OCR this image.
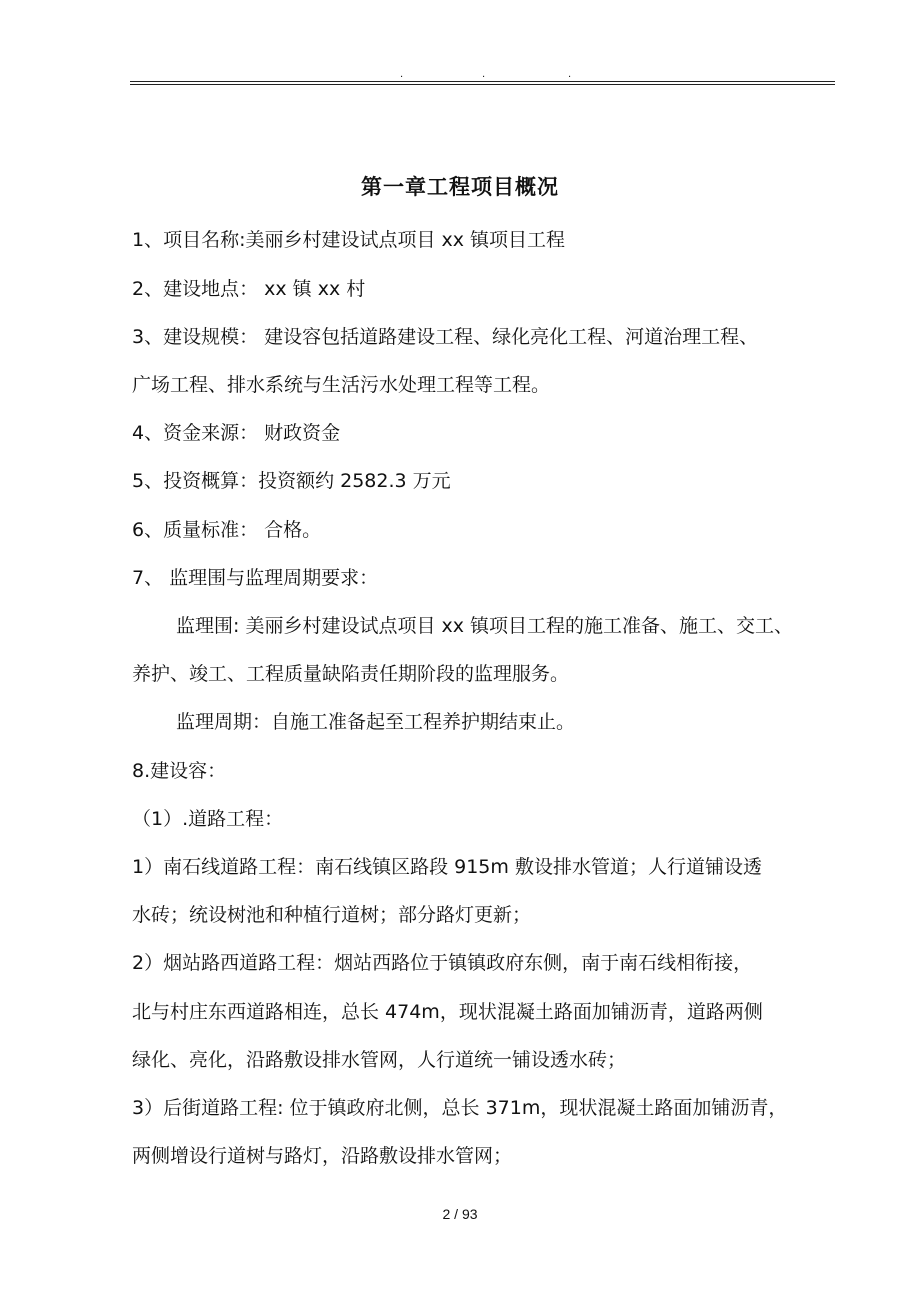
.	.	.
第一章工程项目概况
1、项目名称:美丽乡村建设试点项目 xx 镇项目工程
2、建设地点： xx 镇 xx 村
3、建设规模： 建设容包括道路建设工程、绿化亮化工程、河道治理工程、
广场工程、排水系统与生活污水处理工程等工程。
4、资金来源： 财政资金
5、投资概算：投资额约 2582.3 万元
6、质量标准： 合格。
7、 监理围与监理周期要求：
监理围: 美丽乡村建设试点项目 xx 镇项目工程的施工准备、施工、交工、
养护、竣工、工程质量缺陷责任期阶段的监理服务。
监理周期：自施工准备起至工程养护期结束止。
8.建设容：
（1）.道路工程：
1）南石线道路工程：南石线镇区路段 915m 敷设排水管道；人行道铺设透
水砖；统设树池和种植行道树；部分路灯更新；
2）烟站路西道路工程：烟站西路位于镇镇政府东侧，南于南石线相衔接，
北与村庄东西道路相连，总长 474m，现状混凝土路面加铺沥青，道路两侧
绿化、亮化，沿路敷设排水管网，人行道统一铺设透水砖；
3）后街道路工程: 位于镇政府北侧，总长 371m，现状混凝土路面加铺沥青，
两侧增设行道树与路灯，沿路敷设排水管网；
2 / 93
